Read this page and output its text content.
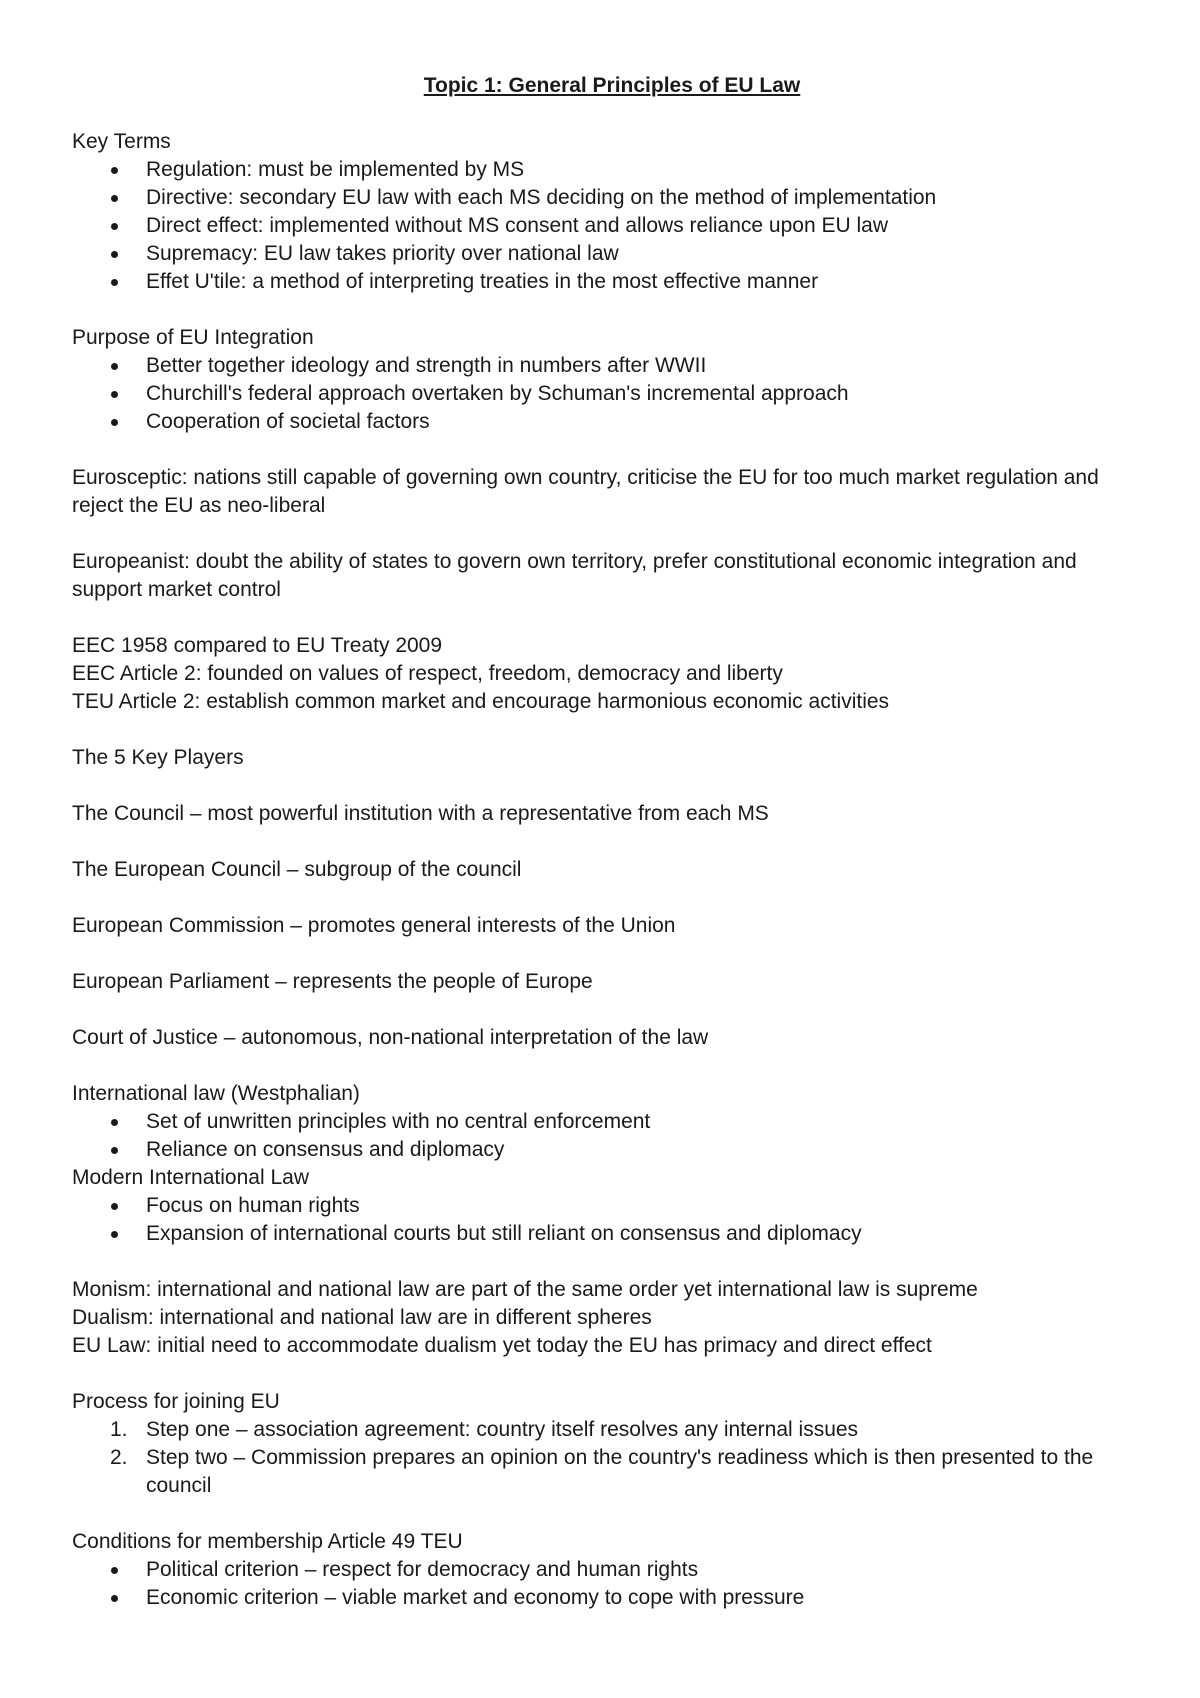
Topic 1: General Principles of EU Law

Key Terms

Regulation: must be implemented by MS
Directive: secondary EU law with each MS deciding on the method of implementation
Direct effect: implemented without MS consent and allows reliance upon EU law
Supremacy: EU law takes priority over national law
Effet U'tile: a method of interpreting treaties in the most effective manner

Purpose of EU Integration

Better together ideology and strength in numbers after WWII
Churchill's federal approach overtaken by Schuman's incremental approach
Cooperation of societal factors

Eurosceptic: nations still capable of governing own country, criticise the EU for too much market regulation and reject the EU as neo-liberal

Europeanist: doubt the ability of states to govern own territory, prefer constitutional economic integration and support market control

EEC 1958 compared to EU Treaty 2009

EEC Article 2: founded on values of respect, freedom, democracy and liberty

TEU Article 2: establish common market and encourage harmonious economic activities

The 5 Key Players

The Council – most powerful institution with a representative from each MS

The European Council – subgroup of the council

European Commission – promotes general interests of the Union

European Parliament – represents the people of Europe

Court of Justice – autonomous, non-national interpretation of the law

International law (Westphalian)

Set of unwritten principles with no central enforcement
Reliance on consensus and diplomacy

Modern International Law

Focus on human rights
Expansion of international courts but still reliant on consensus and diplomacy

Monism: international and national law are part of the same order yet international law is supreme

Dualism: international and national law are in different spheres

EU Law: initial need to accommodate dualism yet today the EU has primacy and direct effect

Process for joining EU

1. Step one – association agreement: country itself resolves any internal issues
2. Step two – Commission prepares an opinion on the country's readiness which is then presented to the council

Conditions for membership Article 49 TEU

Political criterion – respect for democracy and human rights
Economic criterion – viable market and economy to cope with pressure
